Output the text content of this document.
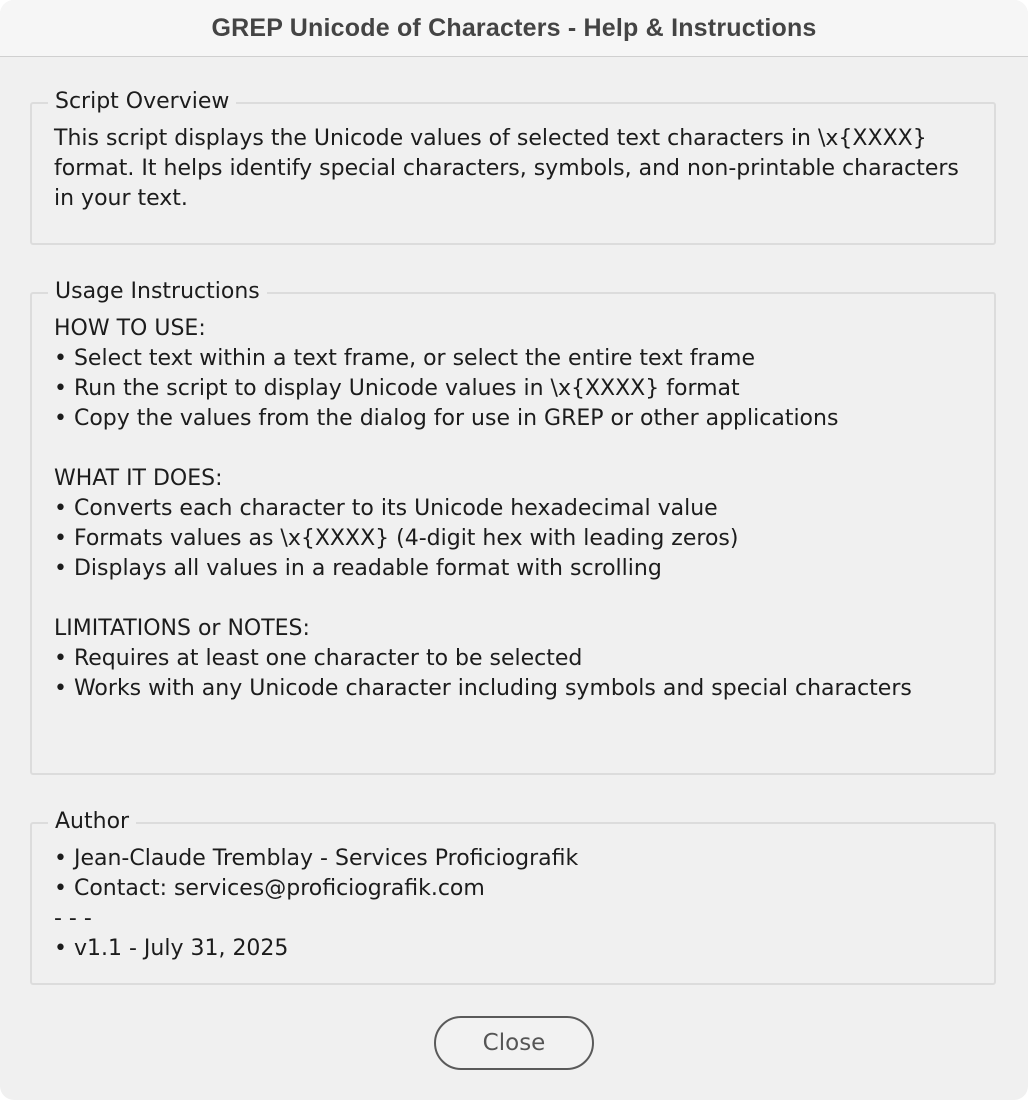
GREP Unicode of Characters - Help & Instructions
Script Overview
This script displays the Unicode values of selected text characters in \x{XXXX} format. It helps identify special characters, symbols, and non-printable characters in your text.
Usage Instructions
HOW TO USE:
• Select text within a text frame, or select the entire text frame
• Run the script to display Unicode values in \x{XXXX} format
• Copy the values from the dialog for use in GREP or other applications

WHAT IT DOES:
• Converts each character to its Unicode hexadecimal value
• Formats values as \x{XXXX} (4-digit hex with leading zeros)
• Displays all values in a readable format with scrolling

LIMITATIONS or NOTES:
• Requires at least one character to be selected
• Works with any Unicode character including symbols and special characters
Author
• Jean-Claude Tremblay - Services Proficiografik
• Contact: services@proficiografik.com
- - -
• v1.1 - July 31, 2025
Close
